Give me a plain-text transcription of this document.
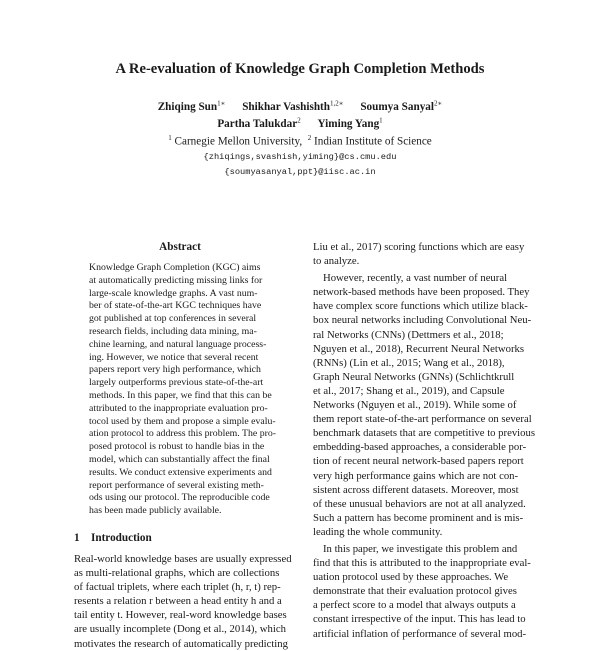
A Re-evaluation of Knowledge Graph Completion Methods
Zhiqing Sun$^{1∗}$ Shikhar Vashishth$^{1,2∗}$ Soumya Sanyal$^{2∗}$
Partha Talukdar$^2$ Yiming Yang$^1$
$^1$ Carnegie Mellon University, $^2$ Indian Institute of Science
{zhiqings,svashish,yiming}@cs.cmu.edu
{soumyasanyal,ppt}@iisc.ac.in
Abstract
Knowledge Graph Completion (KGC) aims
at automatically predicting missing links for
large-scale knowledge graphs. A vast num-
ber of state-of-the-art KGC techniques have
got published at top conferences in several
research fields, including data mining, ma-
chine learning, and natural language process-
ing. However, we notice that several recent
papers report very high performance, which
largely outperforms previous state-of-the-art
methods. In this paper, we find that this can be
attributed to the inappropriate evaluation pro-
tocol used by them and propose a simple evalu-
ation protocol to address this problem. The pro-
posed protocol is robust to handle bias in the
model, which can substantially affect the final
results. We conduct extensive experiments and
report performance of several existing meth-
ods using our protocol. The reproducible code
has been made publicly available.
1 Introduction
Real-world knowledge bases are usually expressed
as multi-relational graphs, which are collections
of factual triplets, where each triplet (h, r, t) rep-
resents a relation r between a head entity h and a
tail entity t. However, real-word knowledge bases
are usually incomplete (Dong et al., 2014), which
motivates the research of automatically predicting
Liu et al., 2017) scoring functions which are easy
to analyze.
However, recently, a vast number of neural
network-based methods have been proposed. They
have complex score functions which utilize black-
box neural networks including Convolutional Neu-
ral Networks (CNNs) (Dettmers et al., 2018;
Nguyen et al., 2018), Recurrent Neural Networks
(RNNs) (Lin et al., 2015; Wang et al., 2018),
Graph Neural Networks (GNNs) (Schlichtkrull
et al., 2017; Shang et al., 2019), and Capsule
Networks (Nguyen et al., 2019). While some of
them report state-of-the-art performance on several
benchmark datasets that are competitive to previous
embedding-based approaches, a considerable por-
tion of recent neural network-based papers report
very high performance gains which are not con-
sistent across different datasets. Moreover, most
of these unusual behaviors are not at all analyzed.
Such a pattern has become prominent and is mis-
leading the whole community.
In this paper, we investigate this problem and
find that this is attributed to the inappropriate eval-
uation protocol used by these approaches. We
demonstrate that their evaluation protocol gives
a perfect score to a model that always outputs a
constant irrespective of the input. This has lead to
artificial inflation of performance of several mod-
